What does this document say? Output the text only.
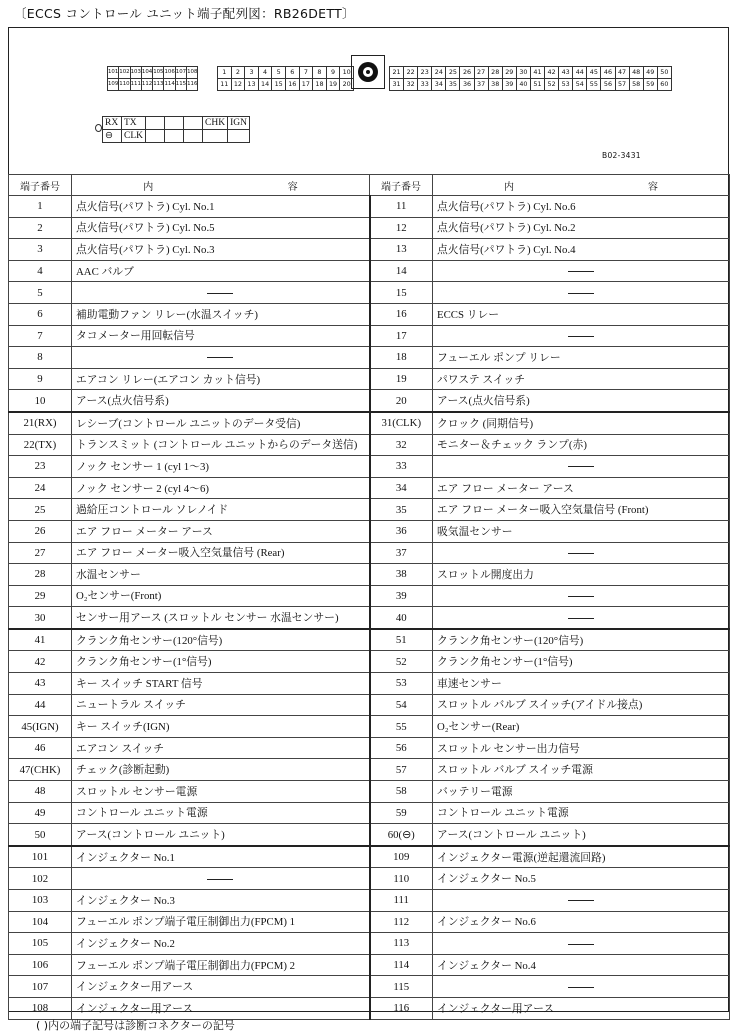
〔ECCS コントロール ユニット端子配列図：RB26DETT〕
101	102	103	104	105	106	107	108
109	110	111	112	113	114	115	116
1	2	3	4	5	6	7	8	9	10
11	12	13	14	15	16	17	18	19	20
21	22	23	24	25	26	27	28	29	30	41	42	43	44	45	46	47	48	49	50
31	32	33	34	35	36	37	38	39	40	51	52	53	54	55	56	57	58	59	60
RX	TX				CHK	IGN
⊖	CLK					
B02-3431
端子番号	内 容	端子番号	内 容

1	点火信号(パワトラ) Cyl. No.1	11	点火信号(パワトラ) Cyl. No.6
2	点火信号(パワトラ) Cyl. No.5	12	点火信号(パワトラ) Cyl. No.2
3	点火信号(パワトラ) Cyl. No.3	13	点火信号(パワトラ) Cyl. No.4
4	AAC バルブ	14	
5		15	
6	補助電動ファン リレー(水温スイッチ)	16	ECCS リレー
7	タコメーター用回転信号	17	
8		18	フューエル ポンプ リレー
9	エアコン リレー(エアコン カット信号)	19	パワステ スイッチ
10	アース(点火信号系)	20	アース(点火信号系)
21(RX)	レシーブ(コントロール ユニットのデータ受信)	31(CLK)	クロック (同期信号)
22(TX)	トランスミット (コントロール ユニットからのデータ送信)	32	モニター＆チェック ランプ(赤)
23	ノック センサー 1 (cyl 1～3)	33	
24	ノック センサー 2 (cyl 4～6)	34	エア フロー メーター アース
25	過給圧コントロール ソレノイド	35	エア フロー メーター吸入空気量信号 (Front)
26	エア フロー メーター アース	36	吸気温センサー
27	エア フロー メーター吸入空気量信号 (Rear)	37	
28	水温センサー	38	スロットル開度出力
29	O₂センサー(Front)	39	
30	センサー用アース (スロットル センサー 水温センサー)	40	
41	クランク角センサー(120°信号)	51	クランク角センサー(120°信号)
42	クランク角センサー(1°信号)	52	クランク角センサー(1°信号)
43	キー スイッチ START 信号	53	車速センサー
44	ニュートラル スイッチ	54	スロットル バルブ スイッチ(アイドル接点)
45(IGN)	キー スイッチ(IGN)	55	O₂センサー(Rear)
46	エアコン スイッチ	56	スロットル センサー出力信号
47(CHK)	チェック(診断起動)	57	スロットル バルブ スイッチ電源
48	スロットル センサー電源	58	バッテリー電源
49	コントロール ユニット電源	59	コントロール ユニット電源
50	アース(コントロール ユニット)	60(⊖)	アース(コントロール ユニット)
101	インジェクター No.1	109	インジェクター電源(逆起還流回路)
102		110	インジェクター No.5
103	インジェクター No.3	111	
104	フューエル ポンプ端子電圧制御出力(FPCM) 1	112	インジェクター No.6
105	インジェクター No.2	113	
106	フューエル ポンプ端子電圧制御出力(FPCM) 2	114	インジェクター No.4
107	インジェクター用アース	115	
108	インジェクター用アース	116	インジェクター用アース
( )内の端子記号は診断コネクターの記号
